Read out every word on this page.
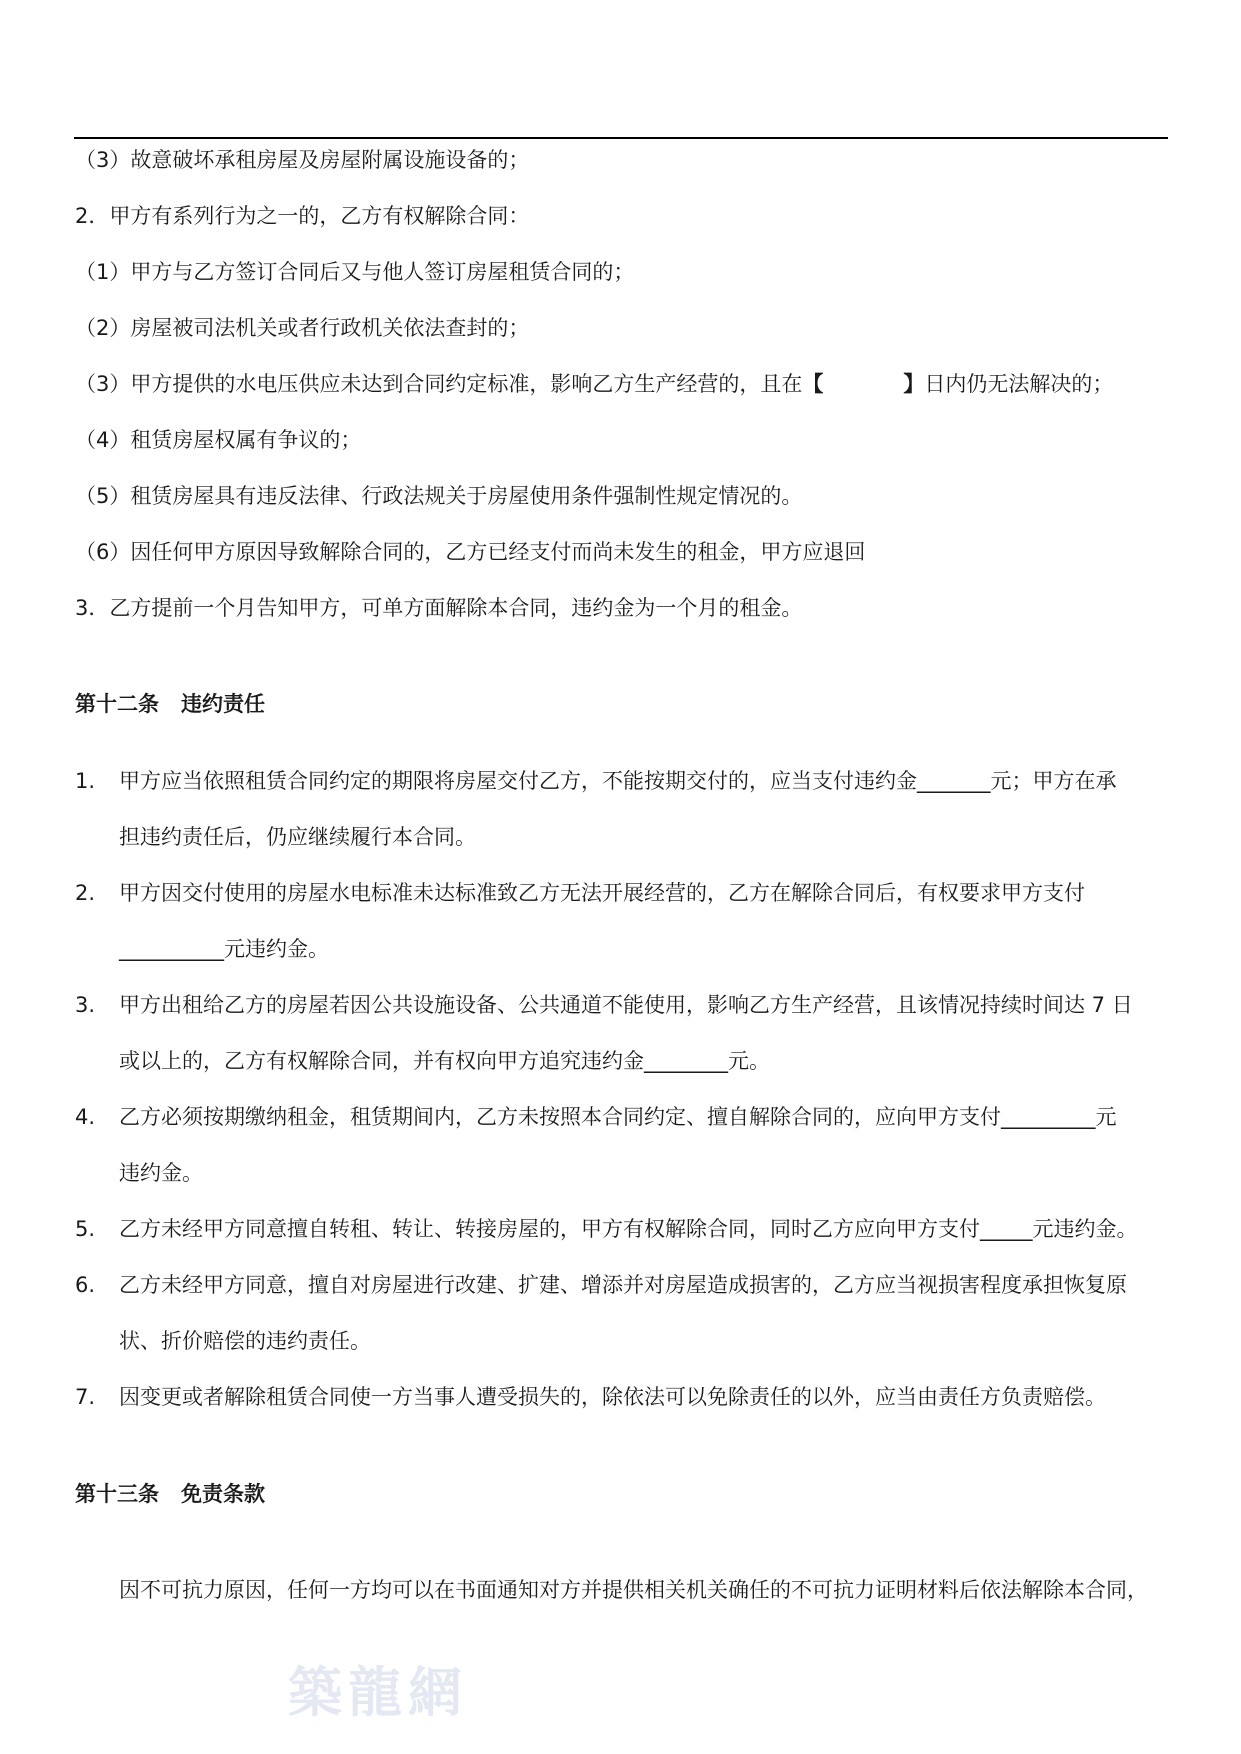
（3）故意破坏承租房屋及房屋附属设施设备的；
2．甲方有系列行为之一的，乙方有权解除合同：
（1）甲方与乙方签订合同后又与他人签订房屋租赁合同的；
（2）房屋被司法机关或者行政机关依法查封的；
（3）甲方提供的水电压供应未达到合同约定标准，影响乙方生产经营的，且在【	】日内仍无法解决的；
（4）租赁房屋权属有争议的；
（5）租赁房屋具有违反法律、行政法规关于房屋使用条件强制性规定情况的。
（6）因任何甲方原因导致解除合同的，乙方已经支付而尚未发生的租金，甲方应退回
3．乙方提前一个月告知甲方，可单方面解除本合同，违约金为一个月的租金。
第十二条 违约责任
1.	甲方应当依照租赁合同约定的期限将房屋交付乙方，不能按期交付的，应当支付违约金_______元；甲方在承
担违约责任后，仍应继续履行本合同。
2.	甲方因交付使用的房屋水电标准未达标准致乙方无法开展经营的，乙方在解除合同后，有权要求甲方支付
__________元违约金。
3.	甲方出租给乙方的房屋若因公共设施设备、公共通道不能使用，影响乙方生产经营，且该情况持续时间达 7 日
或以上的，乙方有权解除合同，并有权向甲方追究违约金________元。
4.	乙方必须按期缴纳租金，租赁期间内，乙方未按照本合同约定、擅自解除合同的，应向甲方支付_________元
违约金。
5.	乙方未经甲方同意擅自转租、转让、转接房屋的，甲方有权解除合同，同时乙方应向甲方支付_____元违约金。
6.	乙方未经甲方同意，擅自对房屋进行改建、扩建、增添并对房屋造成损害的，乙方应当视损害程度承担恢复原
状、折价赔偿的违约责任。
7.	因变更或者解除租赁合同使一方当事人遭受损失的，除依法可以免除责任的以外，应当由责任方负责赔偿。
第十三条 免责条款
因不可抗力原因，任何一方均可以在书面通知对方并提供相关机关确任的不可抗力证明材料后依法解除本合同，
築龍網
